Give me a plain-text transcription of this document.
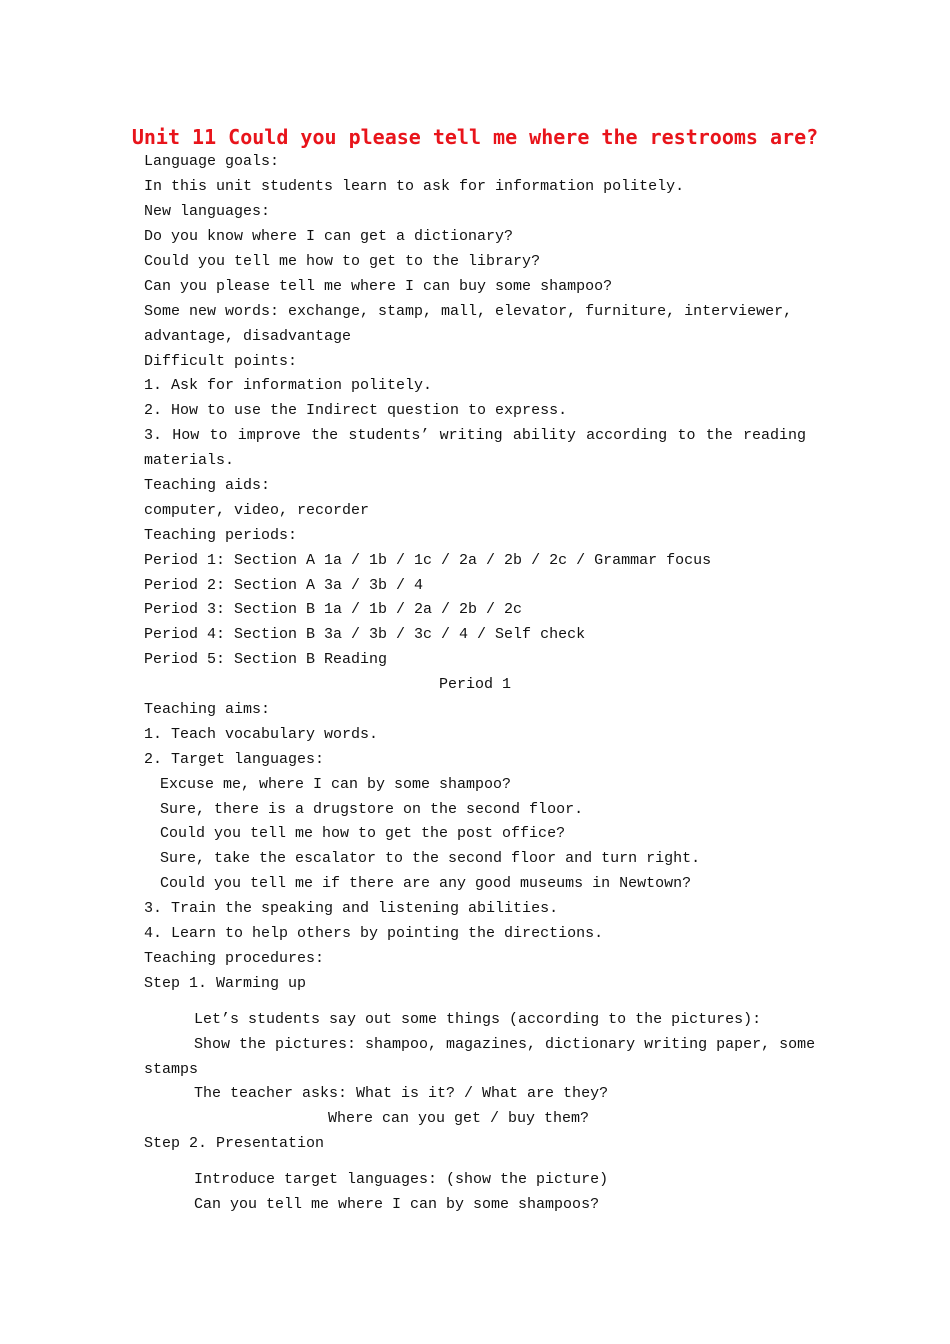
Unit 11 Could you please tell me where the restrooms are?
Language goals:
In this unit students learn to ask for information politely.
New languages:
Do you know where I can get a dictionary?
Could you tell me how to get to the library?
Can you please tell me where I can buy some shampoo?
Some new words: exchange, stamp, mall, elevator, furniture, interviewer,
advantage, disadvantage
Difficult points:
1. Ask for information politely.
2. How to use the Indirect question to express.
3. How to improve the students’ writing ability according to the reading
materials.
Teaching aids:
computer, video, recorder
Teaching periods:
Period 1: Section A 1a / 1b / 1c / 2a / 2b / 2c / Grammar focus
Period 2: Section A 3a / 3b / 4
Period 3: Section B 1a / 1b / 2a / 2b / 2c
Period 4: Section B 3a / 3b / 3c / 4 / Self check
Period 5: Section B Reading
Period 1
Teaching aims:
1. Teach vocabulary words.
2. Target languages:
Excuse me, where I can by some shampoo?
Sure, there is a drugstore on the second floor.
Could you tell me how to get the post office?
Sure, take the escalator to the second floor and turn right.
Could you tell me if there are any good museums in Newtown?
3. Train the speaking and listening abilities.
4. Learn to help others by pointing the directions.
Teaching procedures:
Step 1. Warming up
Let’s students say out some things (according to the pictures):
Show the pictures: shampoo, magazines, dictionary writing paper, some
stamps
The teacher asks: What is it? / What are they?
Where can you get / buy them?
Step 2. Presentation
Introduce target languages: (show the picture)
Can you tell me where I can by some shampoos?
